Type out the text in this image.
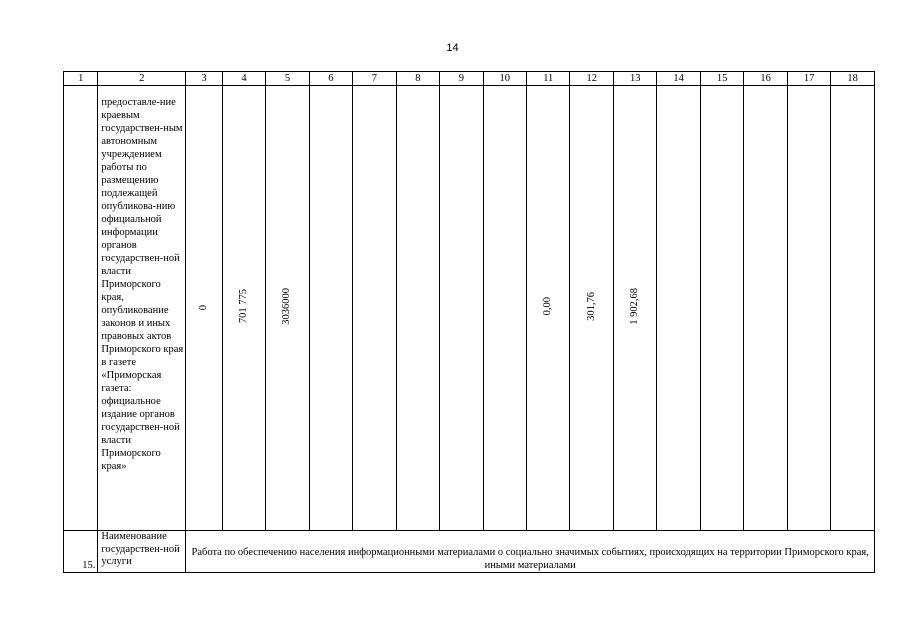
14
1	2	3	4	5	6	7	8	9	10	11	12	13	14	15	16	17	18

	предоставле-ние краевым государствен-ным автономным учреждением работы по размещению подлежащей опубликова-нию официальной информации органов государствен-ной власти Приморского края, опубликование законов и иных правовых актов Приморского края в газете «Приморская газета: официальное издание органов государствен-ной власти Приморского края»	0	701 775	3036000						0,00	301,76	1 902,68					
15.	Наименование государствен-ной услуги	Работа по обеспечению населения информационными материалами о социально значимых событиях, происходящих на территории Приморского края, иными материалами															
